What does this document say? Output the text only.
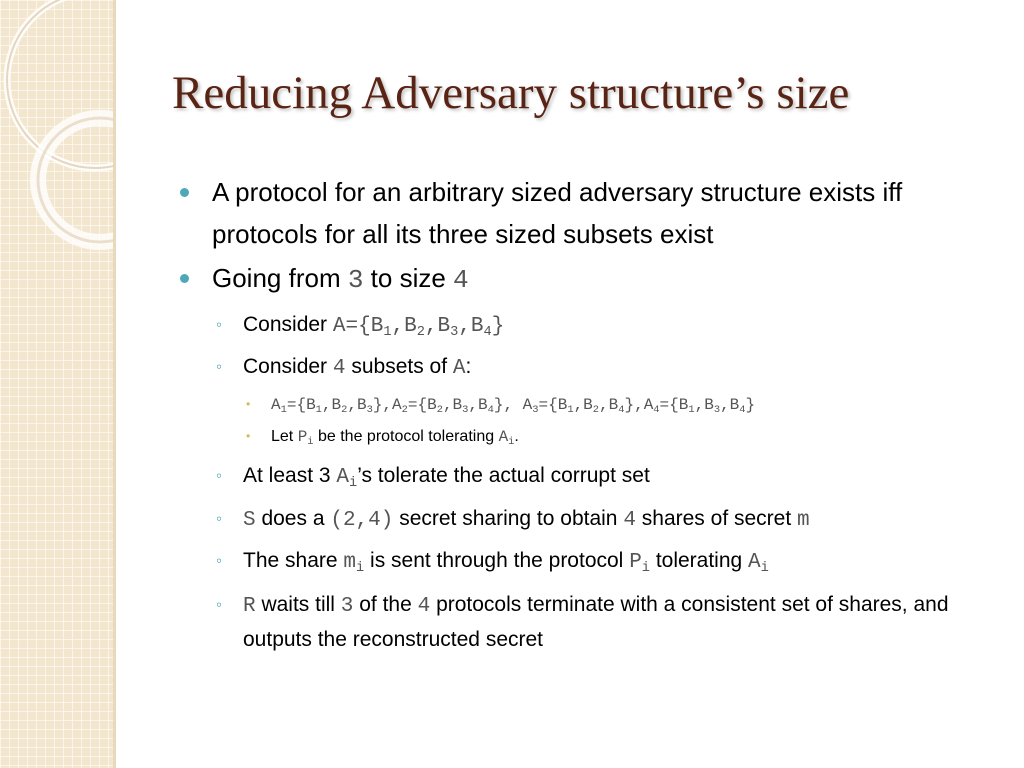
Reducing Adversary structure’s size
A protocol for an arbitrary sized adversary structure exists iff protocols for all its three sized subsets exist
Going from 3 to size 4
◦ Consider $A=\{B_1,B_2,B_3,B_4\}$
◦ Consider 4 subsets of A:
• $A_1=\{B_1,B_2,B_3\},A_2=\{B_2,B_3,B_4\}$, $A_3=\{B_1,B_2,B_4\},A_4=\{B_1,B_3,B_4\}$
• Let $P_i$ be the protocol tolerating $A_i$.
◦ At least 3 $A_i’s$ tolerate the actual corrupt set
◦ S does a (2,4) secret sharing to obtain 4 shares of secret m
◦ The share $m_i$ is sent through the protocol $P_i$ tolerating $A_i$
◦ R waits till 3 of the 4 protocols terminate with a consistent set of shares, and outputs the reconstructed secret
